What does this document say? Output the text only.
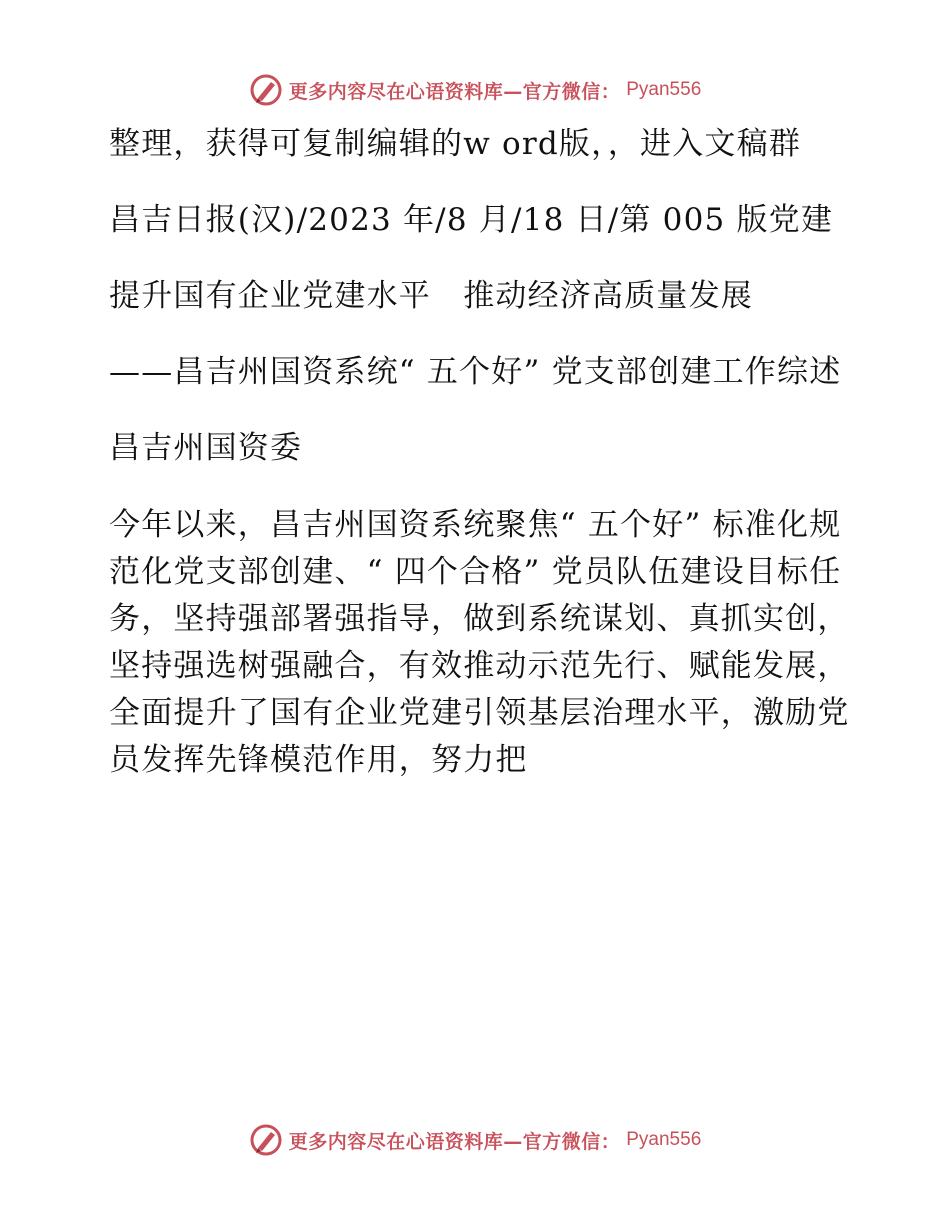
更多内容尽在心语资料库—官方微信： Pyan556

整理，获得可复制编辑的w ord版，，进入文稿群

昌吉日报(汉)/2023 年/8 月/18 日/第 005 版党建

提升国有企业党建水平　推动经济高质量发展

——昌吉州国资系统“ 五个好” 党支部创建工作综述

昌吉州国资委

今年以来，昌吉州国资系统聚焦“ 五个好” 标准化规范化党支部创建、“ 四个合格” 党员队伍建设目标任务，坚持强部署强指导，做到系统谋划、真抓实创，坚持强选树强融合，有效推动示范先行、赋能发展，全面提升了国有企业党建引领基层治理水平，激励党员发挥先锋模范作用，努力把

更多内容尽在心语资料库—官方微信： Pyan556
